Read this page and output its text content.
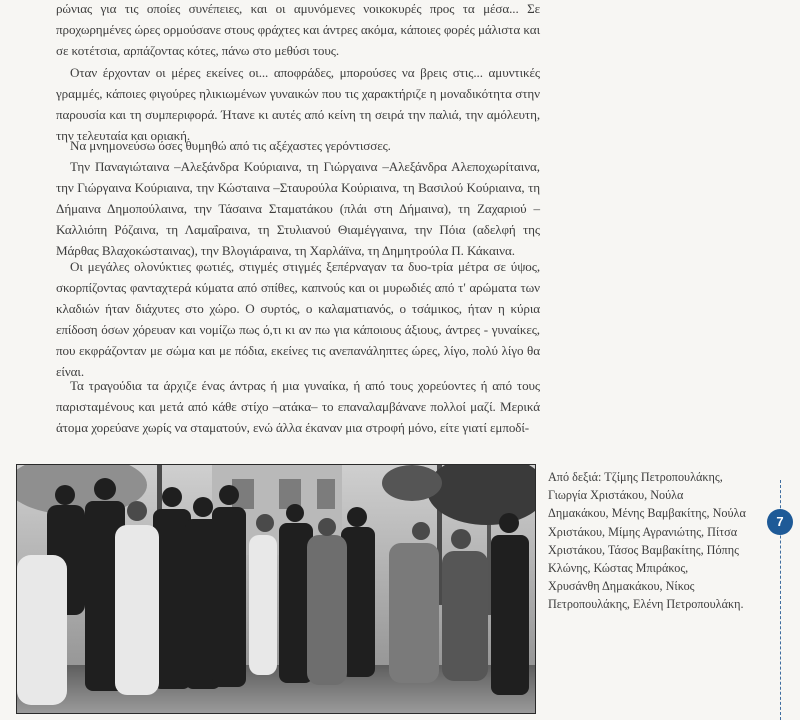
ρώνιας για τις οποίες συνέπειες, και οι αμυνόμενες νοικοκυρές προς τα μέσα... Σε προχωρημένες ώρες ορμούσανε στους φράχτες και άντρες ακόμα, κάποιες φορές μάλιστα και σε κοτέτσια, αρπάζοντας κότες, πάνω στο μεθύσι τους.

Οταν έρχονταν οι μέρες εκείνες οι... αποφράδες, μπορούσες να βρεις στις... αμυντικές γραμμές, κάποιες φιγούρες ηλικιωμένων γυναικών που τις χαρακτήριζε η μοναδικότητα στην παρουσία και τη συμπεριφορά. Ήτανε κι αυτές από κείνη τη σειρά την παλιά, την αμόλευτη, την τελευταία και οριακή.

Να μνημονεύσω όσες θυμηθώ από τις αξέχαστες γερόντισσες.

Την Παναγιώταινα –Αλεξάνδρα Κούριαινα, τη Γιώργαινα –Αλεξάνδρα Αλεποχωρίταινα, την Γιώργαινα Κούριαινα, την Κώσταινα –Σταυρούλα Κούριαινα, τη Βασιλού Κούριαινα, τη Δήμαινα Δημοπούλαινα, την Τάσαινα Σταματάκου (πλάι στη Δήμαινα), τη Ζαχαριού –Καλλιόπη Ρόζαινα, τη Λαμαΐραινα, τη Στυλιανού Θιαμέγγαινα, την Πόια (αδελφή της Μάρθας Βλαχοκώσταινας), την Βλογιάραινα, τη Χαρλάϊνα, τη Δημητρούλα Π. Κάκαινα.

Οι μεγάλες ολονύκτιες φωτιές, στιγμές στιγμές ξεπέρναγαν τα δυο-τρία μέτρα σε ύψος, σκορπίζοντας φανταχτερά κύματα από σπίθες, καπνούς και οι μυρωδιές από τ' αρώματα των κλαδιών ήταν διάχυτες στο χώρο. Ο συρτός, ο καλαματιανός, ο τσάμικος, ήταν η κύρια επίδοση όσων χόρευαν και νομίζω πως ό,τι κι αν πω για κάποιους άξιους, άντρες - γυναίκες, που εκφράζονταν με σώμα και με πόδια, εκείνες τις ανεπανάληπτες ώρες, λίγο, πολύ λίγο θα είναι.

Τα τραγούδια τα άρχιζε ένας άντρας ή μια γυναίκα, ή από τους χορεύοντες ή από τους παρισταμένους και μετά από κάθε στίχο –ατάκα– το επαναλαμβάνανε πολλοί μαζί. Μερικά άτομα χορεύανε χωρίς να σταματούν, ενώ άλλα έκαναν μια στροφή μόνο, είτε γιατί εμποδί-

Από δεξιά: Τζίμης Πετροπουλάκης,
Γιωργία Χριστάκου, Νούλα
Δημακάκου, Μένης Βαμβακίτης, Νούλα
Χριστάκου, Μίμης Αγρανιώτης, Πίτσα
Χριστάκου, Τάσος Βαμβακίτης, Πόπης
Κλώνης, Κώστας Μπιράκος,
Χρυσάνθη Δημακάκου, Νίκος
Πετροπουλάκης, Ελένη Πετροπουλάκη.
7
